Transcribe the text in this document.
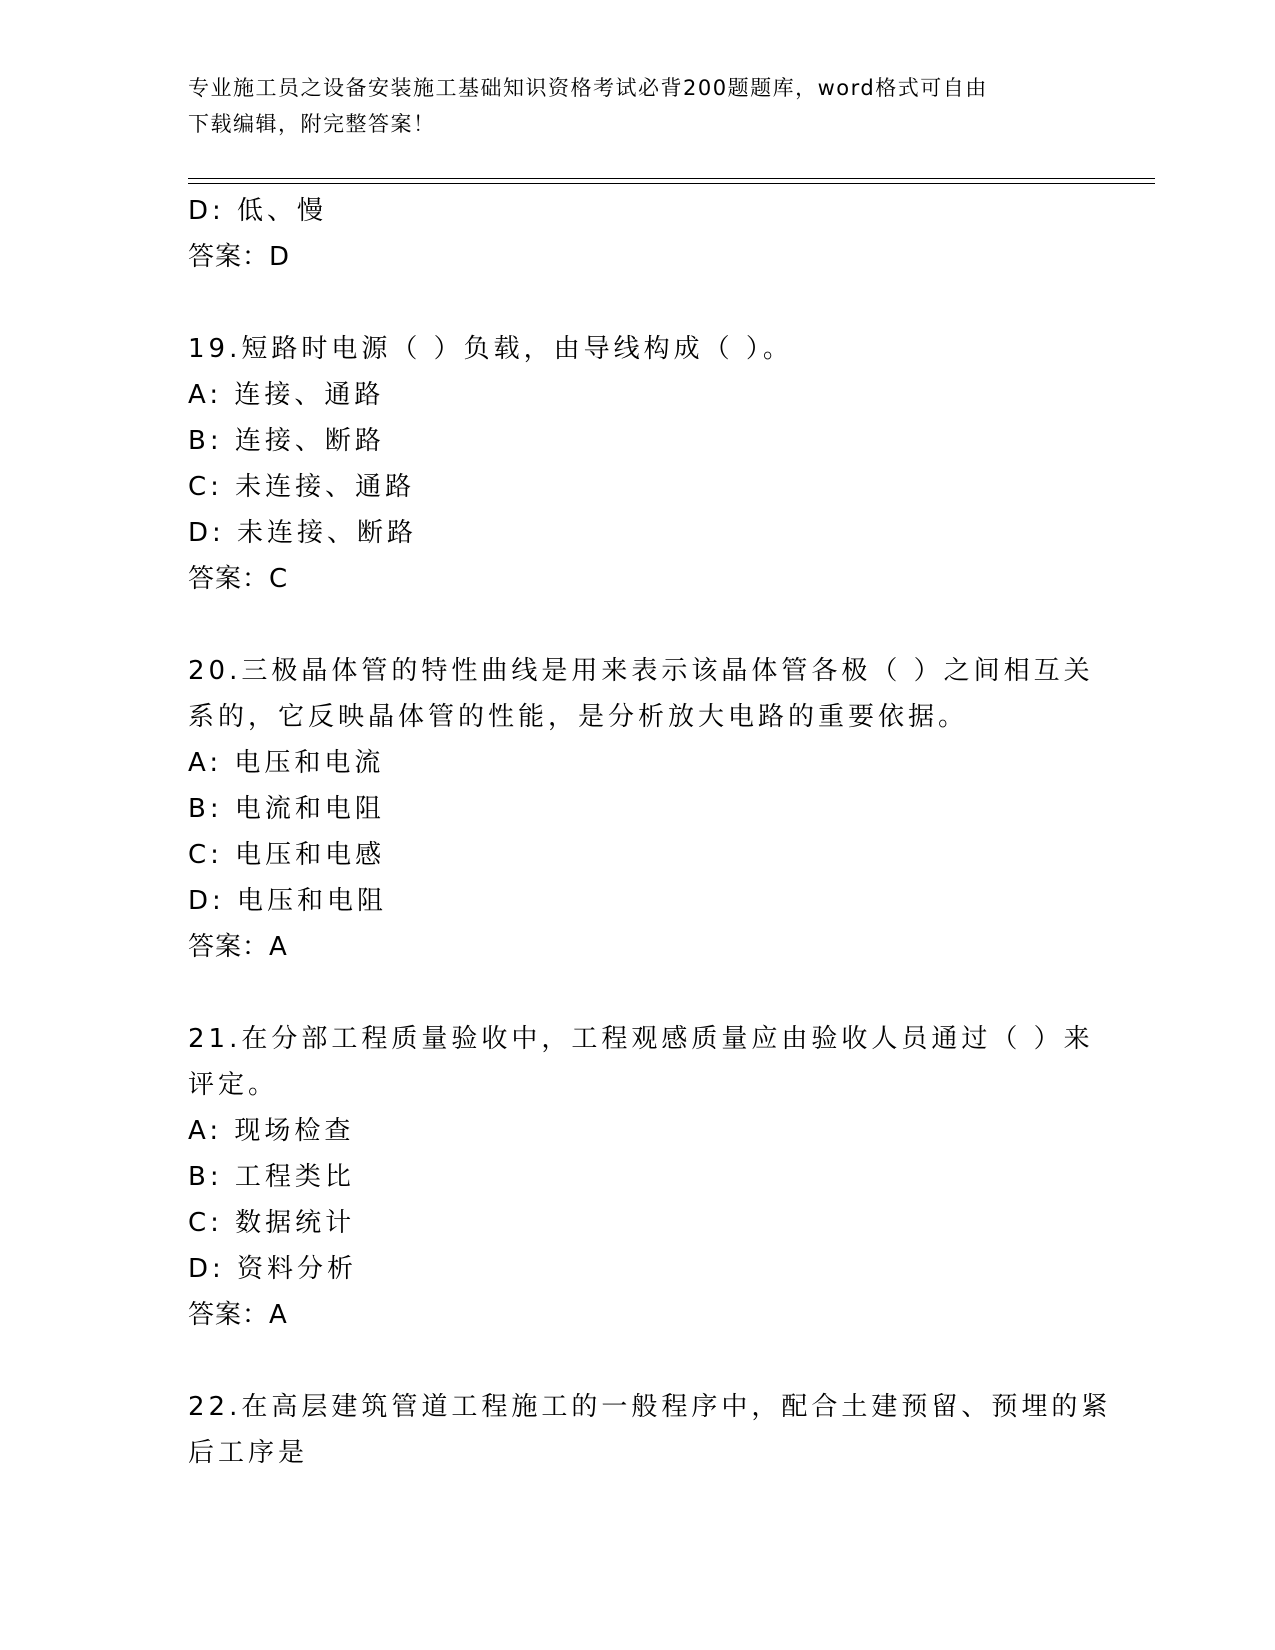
专业施工员之设备安装施工基础知识资格考试必背200题题库，word格式可自由
下载编辑，附完整答案！
D: 低、慢
答案：D
19.短路时电源（ ）负载，由导线构成（ ）。
A: 连接、通路
B: 连接、断路
C: 未连接、通路
D: 未连接、断路
答案：C
20.三极晶体管的特性曲线是用来表示该晶体管各极（ ）之间相互关
系的，它反映晶体管的性能，是分析放大电路的重要依据。
A: 电压和电流
B: 电流和电阻
C: 电压和电感
D: 电压和电阻
答案：A
21.在分部工程质量验收中，工程观感质量应由验收人员通过（ ）来
评定。
A: 现场检查
B: 工程类比
C: 数据统计
D: 资料分析
答案：A
22.在高层建筑管道工程施工的一般程序中，配合土建预留、预埋的紧
后工序是
